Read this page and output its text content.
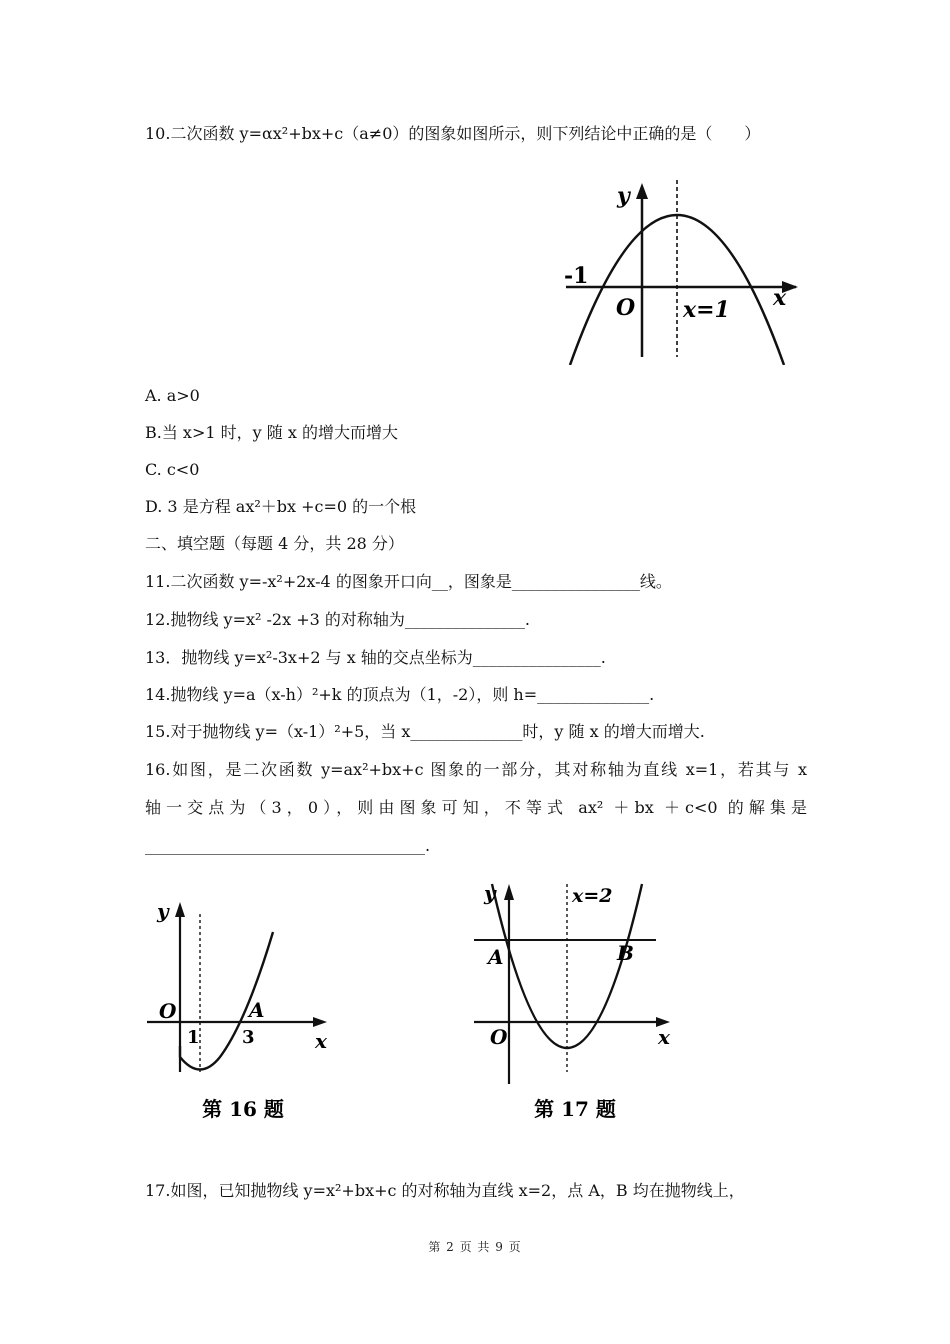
10.二次函数 y=αx²+bx+c（a≠0）的图象如图所示，则下列结论中正确的是（　　）
y
x
O
-1
x=1
A. a>0
B.当 x>1 时，y 随 x 的增大而增大
C. c<0
D. 3 是方程 ax²＋bx +c=0 的一个根
二、填空题（每题 4 分，共 28 分）
11.二次函数 y=-x²+2x-4 的图象开口向__，图象是________________线。
12.抛物线 y=x² -2x +3 的对称轴为_______________.
13．抛物线 y=x²-3x+2 与 x 轴的交点坐标为________________.
14.抛物线 y=a（x-h）²+k 的顶点为（1，-2），则 h=______________.
15.对于抛物线 y=（x-1）²+5，当 x______________时，y 随 x 的增大而增大.
16.如图，是二次函数 y=ax²+bx+c 图象的一部分，其对称轴为直线 x=1，若其与 x
轴一交点为（3，0），则由图象可知，不等式 ax² ＋bx ＋c<0 的解集是
___________________________________.
y
x
O
1 3
A
第 16 题
y
x
O
x=2
A	B
第 17 题
17.如图，已知抛物线 y=x²+bx+c 的对称轴为直线 x=2，点 A，B 均在抛物线上，
第 2 页 共 9 页
